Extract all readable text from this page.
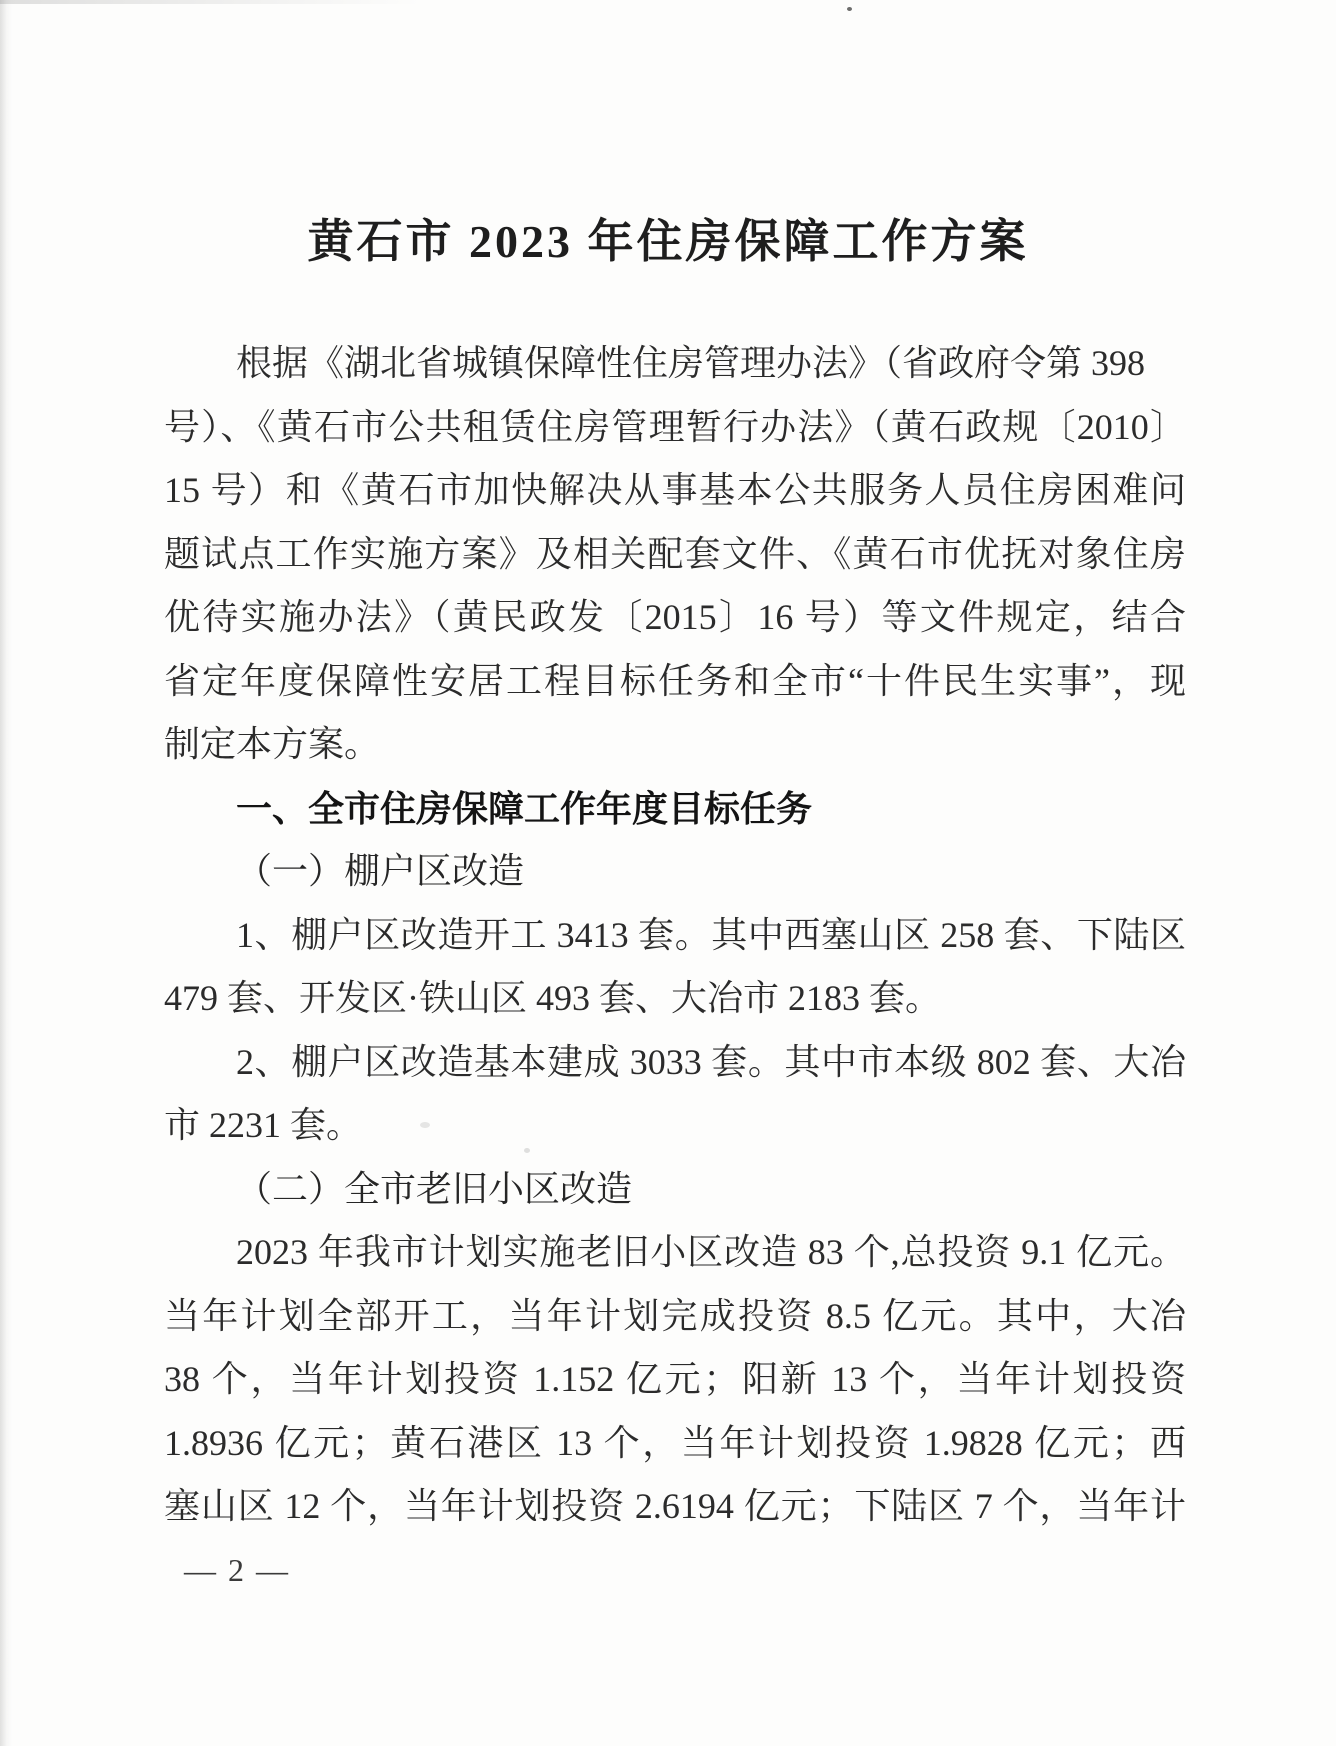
黄石市 2023 年住房保障工作方案
根据《湖北省城镇保障性住房管理办法》（省政府令第 398
号）、《黄石市公共租赁住房管理暂行办法》（黄石政规〔2010〕
15 号）和《黄石市加快解决从事基本公共服务人员住房困难问
题试点工作实施方案》及相关配套文件、《黄石市优抚对象住房
优待实施办法》（黄民政发〔2015〕16 号）等文件规定，结合
省定年度保障性安居工程目标任务和全市“十件民生实事”，现
制定本方案。
一、全市住房保障工作年度目标任务
（一）棚户区改造
1、棚户区改造开工 3413 套。其中西塞山区 258 套、下陆区
479 套、开发区·铁山区 493 套、大冶市 2183 套。
2、棚户区改造基本建成 3033 套。其中市本级 802 套、大冶
市 2231 套。
（二）全市老旧小区改造
2023 年我市计划实施老旧小区改造 83 个,总投资 9.1 亿元。
当年计划全部开工，当年计划完成投资 8.5 亿元。其中，大冶
38 个，当年计划投资 1.152 亿元；阳新 13 个，当年计划投资
1.8936 亿元；黄石港区 13 个，当年计划投资 1.9828 亿元；西
塞山区 12 个，当年计划投资 2.6194 亿元；下陆区 7 个，当年计
— 2 —
